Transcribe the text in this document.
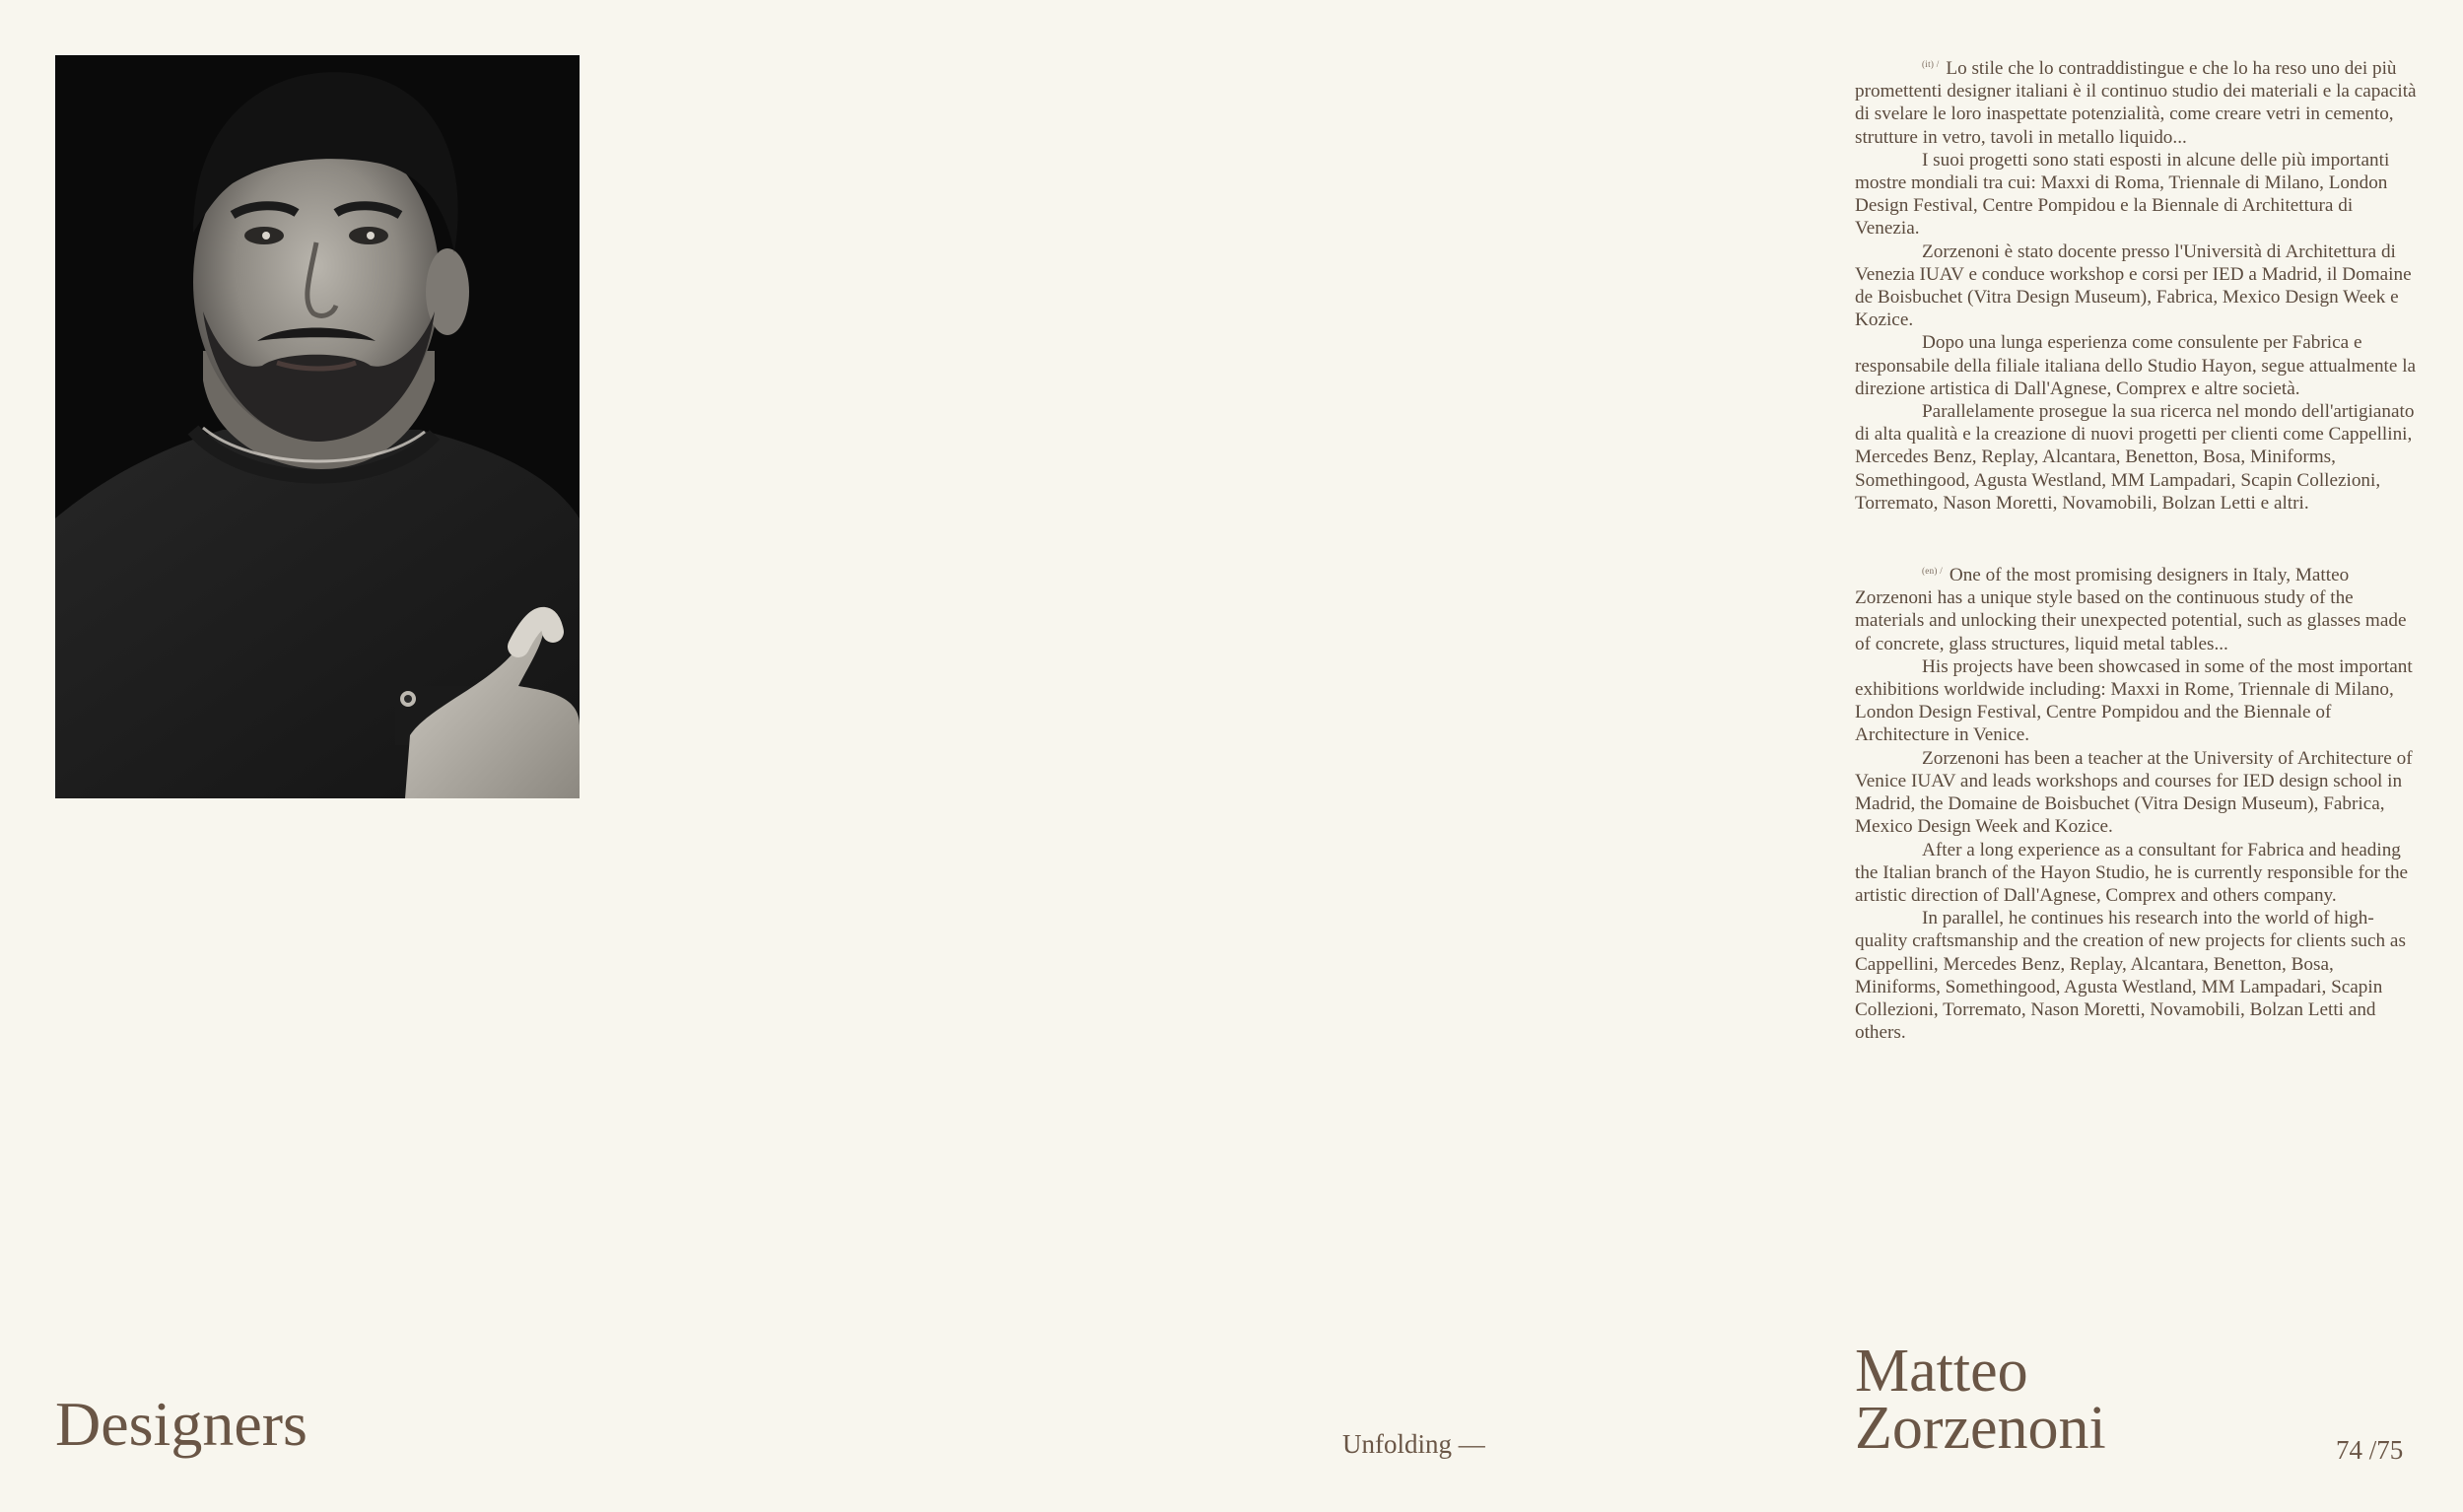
$^{(it) /}$ Lo stile che lo contraddistingue e che lo ha reso uno dei più promettenti designer italiani è il continuo studio dei materiali e la capacità di svelare le loro inaspettate potenzialità, come creare vetri in cemento, strutture in vetro, tavoli in metallo liquido...

I suoi progetti sono stati esposti in alcune delle più importanti mostre mondiali tra cui: Maxxi di Roma, Triennale di Milano, London Design Festival, Centre Pompidou e la Biennale di Architettura di Venezia.

Zorzenoni è stato docente presso l'Università di Architettura di Venezia IUAV e conduce workshop e corsi per IED a Madrid, il Domaine de Boisbuchet (Vitra Design Museum), Fabrica, Mexico Design Week e Kozice.

Dopo una lunga esperienza come consulente per Fabrica e responsabile della filiale italiana dello Studio Hayon, segue attualmente la direzione artistica di Dall'Agnese, Comprex e altre società.

Parallelamente prosegue la sua ricerca nel mondo dell'artigianato di alta qualità e la creazione di nuovi progetti per clienti come Cappellini, Mercedes Benz, Replay, Alcantara, Benetton, Bosa, Miniforms, Somethingood, Agusta Westland, MM Lampadari, Scapin Collezioni, Torremato, Nason Moretti, Novamobili, Bolzan Letti e altri.

$^{(en) /}$ One of the most promising designers in Italy, Matteo Zorzenoni has a unique style based on the continuous study of the materials and unlocking their unexpected potential, such as glasses made of concrete, glass structures, liquid metal tables...

His projects have been showcased in some of the most important exhibitions worldwide including: Maxxi in Rome, Triennale di Milano, London Design Festival, Centre Pompidou and the Biennale of Architecture in Venice.

Zorzenoni has been a teacher at the University of Architecture of Venice IUAV and leads workshops and courses for IED design school in Madrid, the Domaine de Boisbuchet (Vitra Design Museum), Fabrica, Mexico Design Week and Kozice.

After a long experience as a consultant for Fabrica and heading the Italian branch of the Hayon Studio, he is currently responsible for the artistic direction of Dall'Agnese, Comprex and others company.

In parallel, he continues his research into the world of high-quality craftsmanship and the creation of new projects for clients such as Cappellini, Mercedes Benz, Replay, Alcantara, Benetton, Bosa, Miniforms, Somethingood, Agusta Westland, MM Lampadari, Scapin Collezioni, Torremato, Nason Moretti, Novamobili, Bolzan Letti and others.

Designers	Unfolding —
Matteo
Zorzenoni	74 /75
